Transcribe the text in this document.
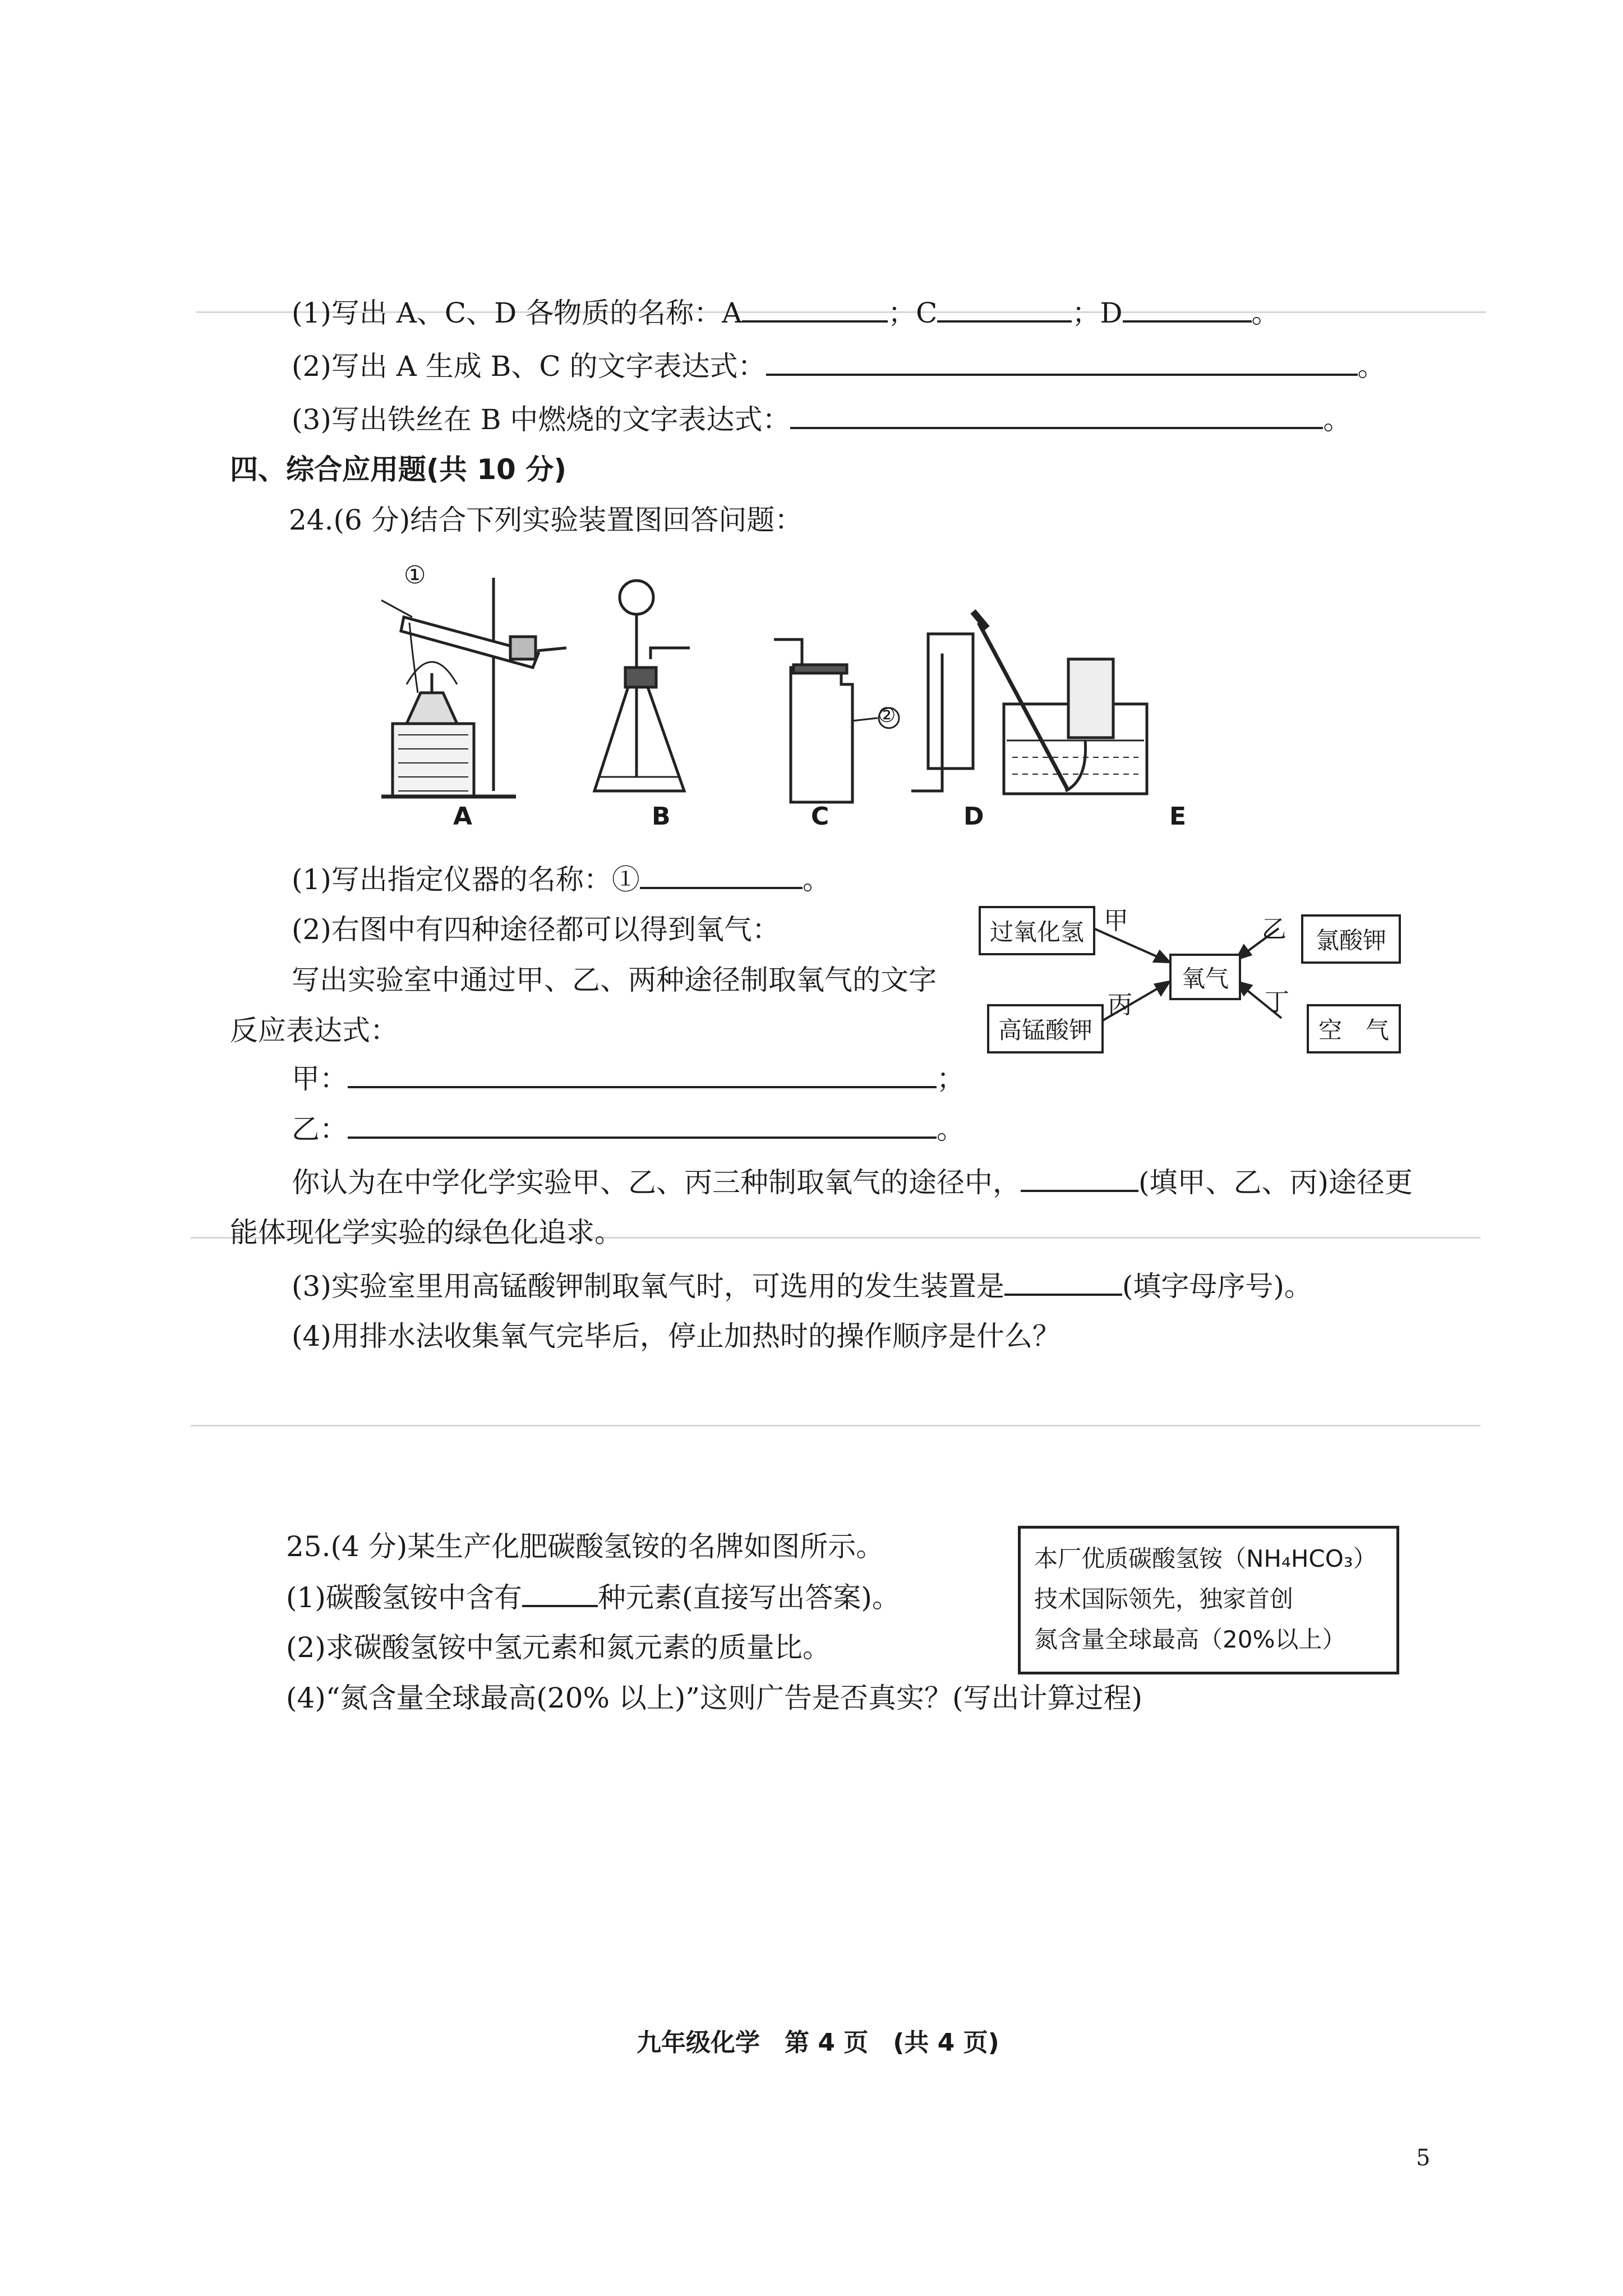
(1)写出 A、C、D 各物质的名称：A	；C	；D	。
(2)写出 A 生成 B、C 的文字表达式：	。
(3)写出铁丝在 B 中燃烧的文字表达式：	。
四、综合应用题(共 10 分)
24.(6 分)结合下列实验装置图回答问题：
①
②
A	B	C	D	E
(1)写出指定仪器的名称：①	。
(2)右图中有四种途径都可以得到氧气：
写出实验室中通过甲、乙、两种途径制取氧气的文字
反应表达式：
过氧化氢	氯酸钾
氧气
高锰酸钾	空　气
甲	乙
丙	丁
甲：	；
乙：	。
你认为在中学化学实验甲、乙、丙三种制取氧气的途径中，	(填甲、乙、丙)途径更
能体现化学实验的绿色化追求。
(3)实验室里用高锰酸钾制取氧气时，可选用的发生装置是	(填字母序号)。
(4)用排水法收集氧气完毕后，停止加热时的操作顺序是什么？
25.(4 分)某生产化肥碳酸氢铵的名牌如图所示。
(1)碳酸氢铵中含有	种元素(直接写出答案)。
(2)求碳酸氢铵中氢元素和氮元素的质量比。
(4)“氮含量全球最高(20% 以上)”这则广告是否真实？(写出计算过程)
本厂优质碳酸氢铵（NH₄HCO₃）
技术国际领先，独家首创
氮含量全球最高（20%以上）
九年级化学　第 4 页　(共 4 页)
5
